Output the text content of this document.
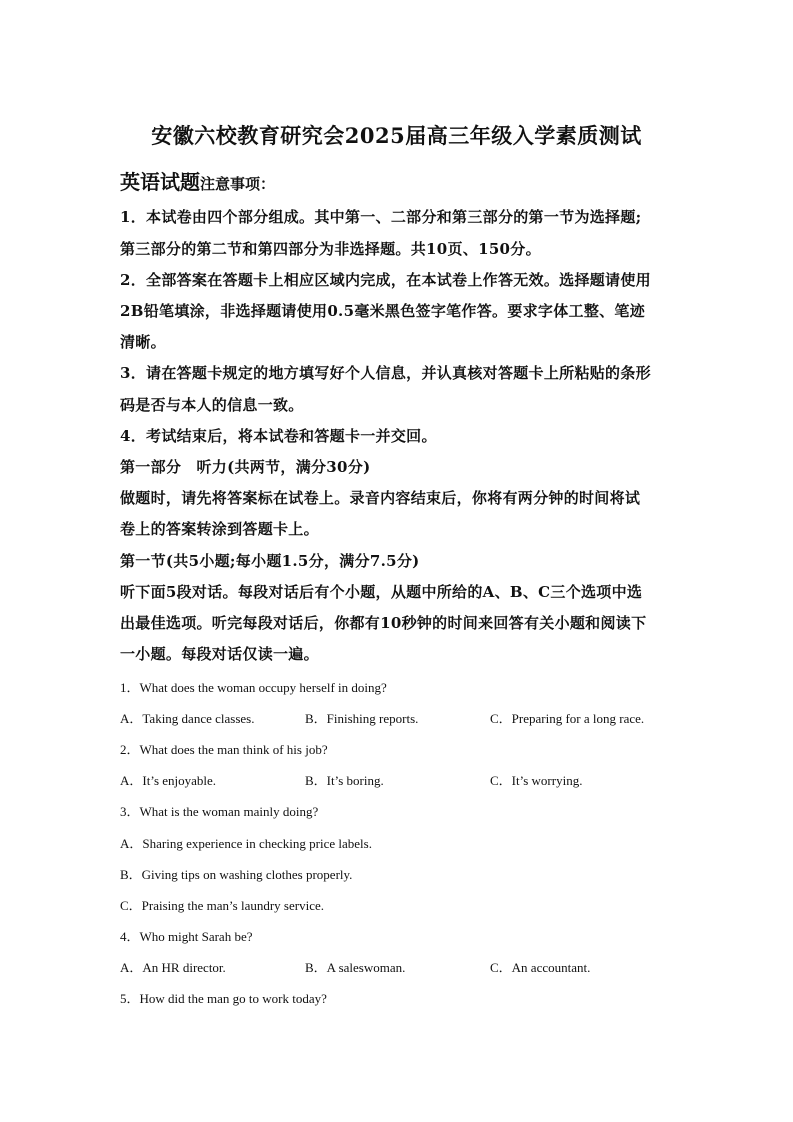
安徽六校教育研究会2025届高三年级入学素质测试
英语试题注意事项：
1．本试卷由四个部分组成。其中第一、二部分和第三部分的第一节为选择题;
第三部分的第二节和第四部分为非选择题。共10页、150分。
2．全部答案在答题卡上相应区域内完成，在本试卷上作答无效。选择题请使用
2B铅笔填涂，非选择题请使用0.5毫米黑色签字笔作答。要求字体工整、笔迹
清晰。
3．请在答题卡规定的地方填写好个人信息，并认真核对答题卡上所粘贴的条形
码是否与本人的信息一致。
4．考试结束后，将本试卷和答题卡一并交回。
第一部分　听力(共两节，满分30分)
做题时，请先将答案标在试卷上。录音内容结束后，你将有两分钟的时间将试
卷上的答案转涂到答题卡上。
第一节(共5小题;每小题1.5分，满分7.5分)
听下面5段对话。每段对话后有个小题，从题中所给的A、B、C三个选项中选
出最佳选项。听完每段对话后，你都有10秒钟的时间来回答有关小题和阅读下
一小题。每段对话仅读一遍。
1．What does the woman occupy herself in doing?
A．Taking dance classes.	B．Finishing reports.	C．Preparing for a long race.
2．What does the man think of his job?
A．It’s enjoyable.	B．It’s boring.	C．It’s worrying.
3．What is the woman mainly doing?
A．Sharing experience in checking price labels.
B．Giving tips on washing clothes properly.
C．Praising the man’s laundry service.
4．Who might Sarah be?
A．An HR director.	B．A saleswoman.	C．An accountant.
5．How did the man go to work today?
